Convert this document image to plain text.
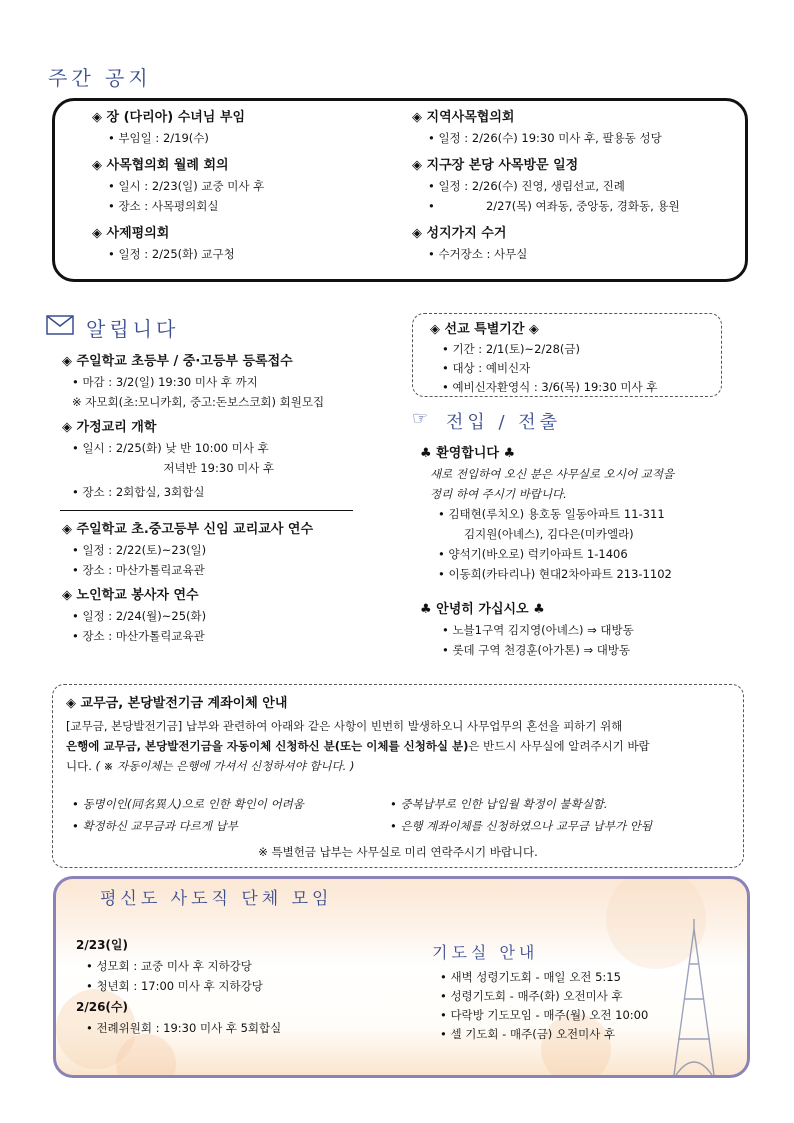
주간 공지
◈ 장 (다리아) 수녀님 부임
• 부임일 : 2/19(수)
◈ 사목협의회 월례 회의
• 일시 : 2/23(일) 교중 미사 후
• 장소 : 사목평의회실
◈ 사제평의회
• 일정 : 2/25(화) 교구청
◈ 지역사목협의회
• 일정 : 2/26(수) 19:30 미사 후, 팔용동 성당
◈ 지구장 본당 사목방문 일정
• 일정 : 2/26(수) 진영, 생림선교, 진례
•              2/27(목) 여좌동, 중앙동, 경화동, 용원
◈ 성지가지 수거
• 수거장소 : 사무실
알립니다
◈ 주일학교 초등부 / 중·고등부 등록접수
• 마감 : 3/2(일) 19:30 미사 후 까지
※ 자모회(초:모니카회, 중고:돈보스코회) 회원모집
◈ 가정교리 개학
• 일시 : 2/25(화) 낮 반 10:00 미사 후
저녁반 19:30 미사 후
• 장소 : 2회합실, 3회합실
◈ 주일학교 초.중고등부 신임 교리교사 연수
• 일정 : 2/22(토)~23(일)
• 장소 : 마산가톨릭교육관
◈ 노인학교 봉사자 연수
• 일정 : 2/24(월)~25(화)
• 장소 : 마산가톨릭교육관
◈ 선교 특별기간 ◈
• 기간 : 2/1(토)~2/28(금)
• 대상 : 예비신자
• 예비신자환영식 : 3/6(목) 19:30 미사 후
☞ 전입 / 전출
♣ 환영합니다 ♣
새로 전입하여 오신 분은 사무실로 오시어 교적을
정리 하여 주시기 바랍니다.
• 김태현(루치오) 용호동 일동아파트 11-311
김지원(아녜스), 김다은(미카엘라)
• 양석기(바오로) 럭키아파트 1-1406
• 이동희(카타리나) 현대2차아파트 213-1102
♣ 안녕히 가십시오 ♣
• 노블1구역 김지영(아녜스) ⇒ 대방동
• 롯데 구역 천경훈(아가톤) ⇒ 대방동
◈ 교무금, 본당발전기금 계좌이체 안내
[교무금, 본당발전기금] 납부와 관련하여 아래와 같은 사항이 빈번히 발생하오니 사무업무의 혼선을 피하기 위해
은행에 교무금, 본당발전기금을 자동이체 신청하신 분(또는 이체를 신청하실 분)은 반드시 사무실에 알려주시기 바랍
니다. ( ※ 자동이체는 은행에 가셔서 신청하셔야 합니다. )
• 동명이인(同名異人)으로 인한 확인이 어려움
• 확정하신 교무금과 다르게 납부
• 중복납부로 인한 납입월 확정이 불확실함.
• 은행 계좌이체를 신청하였으나 교무금 납부가 안됨
※ 특별헌금 납부는 사무실로 미리 연락주시기 바랍니다.
평신도 사도직 단체 모임
2/23(일)
• 성모회 : 교중 미사 후 지하강당
• 청년회 : 17:00 미사 후 지하강당
2/26(수)
• 전례위원회 : 19:30 미사 후 5회합실
기도실 안내
• 새벽 성령기도회 - 매일 오전 5:15
• 성령기도회 - 매주(화) 오전미사 후
• 다락방 기도모임 - 매주(월) 오전 10:00
• 셀 기도회 - 매주(금) 오전미사 후
